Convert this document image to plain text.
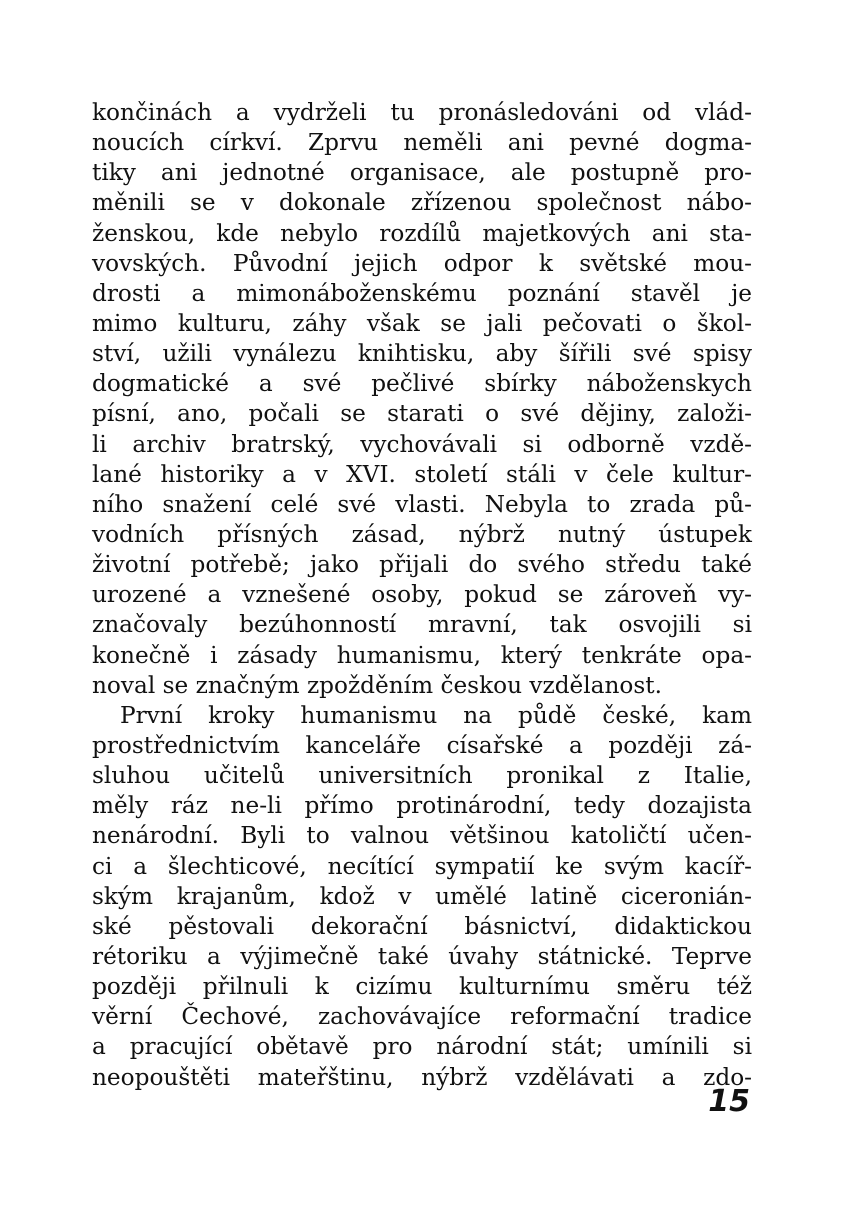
končinách a vydrželi tu pronásledováni od vlád-
noucích církví. Zprvu neměli ani pevné dogma-
tiky ani jednotné organisace, ale postupně pro-
měnili se v dokonale zřízenou společnost nábo-
ženskou, kde nebylo rozdílů majetkových ani sta-
vovských. Původní jejich odpor k světské mou-
drosti a mimonáboženskému poznání stavěl je
mimo kulturu, záhy však se jali pečovati o škol-
ství, užili vynálezu knihtisku, aby šířili své spisy
dogmatické a své pečlivé sbírky náboženskych
písní, ano, počali se starati o své dějiny, založi-
li archiv bratrský, vychovávali si odborně vzdě-
lané historiky a v XVI. století stáli v čele kultur-
ního snažení celé své vlasti. Nebyla to zrada pů-
vodních přísných zásad, nýbrž nutný ústupek
životní potřebě; jako přijali do svého středu také
urozené a vznešené osoby, pokud se zároveň vy-
značovaly bezúhonností mravní, tak osvojili si
konečně i zásady humanismu, který tenkráte opa-
noval se značným zpožděním českou vzdělanost.
První kroky humanismu na půdě české, kam
prostřednictvím kanceláře císařské a později zá-
sluhou učitelů universitních pronikal z Italie,
měly ráz ne-li přímo protinárodní, tedy dozajista
nenárodní. Byli to valnou většinou katoličtí učen-
ci a šlechticové, necítící sympatií ke svým kacíř-
ským krajanům, kdož v umělé latině ciceronián-
ské pěstovali dekorační básnictví, didaktickou
rétoriku a výjimečně také úvahy státnické. Teprve
později přilnuli k cizímu kulturnímu směru též
věrní Čechové, zachovávajíce reformační tradice
a pracující obětavě pro národní stát; umínili si
neopouštěti mateřštinu, nýbrž vzdělávati a zdo-
15
